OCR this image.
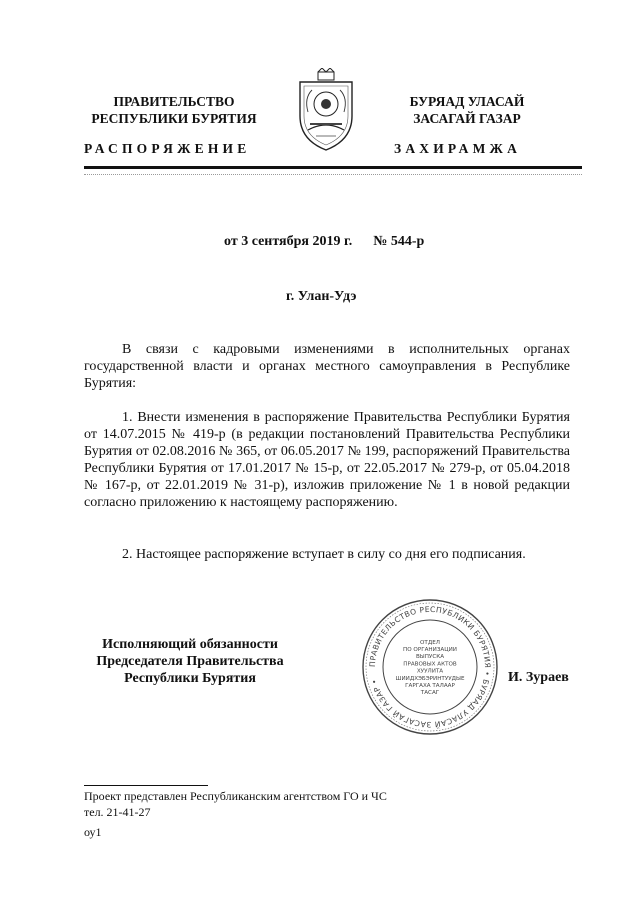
ПРАВИТЕЛЬСТВО
РЕСПУБЛИКИ БУРЯТИЯ
БУРЯАД УЛАСАЙ
ЗАСАГАЙ ГАЗАР
РАСПОРЯЖЕНИЕ	ЗАХИРАМЖА
от 3 сентября 2019 г. № 544-р
г. Улан-Удэ
В связи с кадровыми изменениями в исполнительных органах государственной власти и органах местного самоуправления в Республике Бурятия:
1. Внести изменения в распоряжение Правительства Республики Бурятия от 14.07.2015 № 419-р (в редакции постановлений Правительства Республики Бурятия от 02.08.2016 № 365, от 06.05.2017 № 199, распоряжений Правительства Республики Бурятия от 17.01.2017 № 15-р, от 22.05.2017 № 279-р, от 05.04.2018 № 167-р, от 22.01.2019 № 31-р), изложив приложение № 1 в новой редакции согласно приложению к настоящему распоряжению.
2. Настоящее распоряжение вступает в силу со дня его подписания.
Исполняющий обязанности
Председателя Правительства
Республики Бурятия
ПРАВИТЕЛЬСТВО РЕСПУБЛИКИ БУРЯТИЯ • БУРЯАД УЛАСАЙ ЗАСАГАЙ ГАЗАР •
ОТДЕЛ
ПО ОРГАНИЗАЦИИ
ВЫПУСКА
ПРАВОВЫХ АКТОВ
ХУУЛИТА
ШИИДХЭБЭРИНТУУДЫЕ
ГАРГАХА ТАЛААР
ТАСАГ
И. Зураев
Проект представлен Республиканским агентством ГО и ЧС
тел. 21-41-27
оу1
